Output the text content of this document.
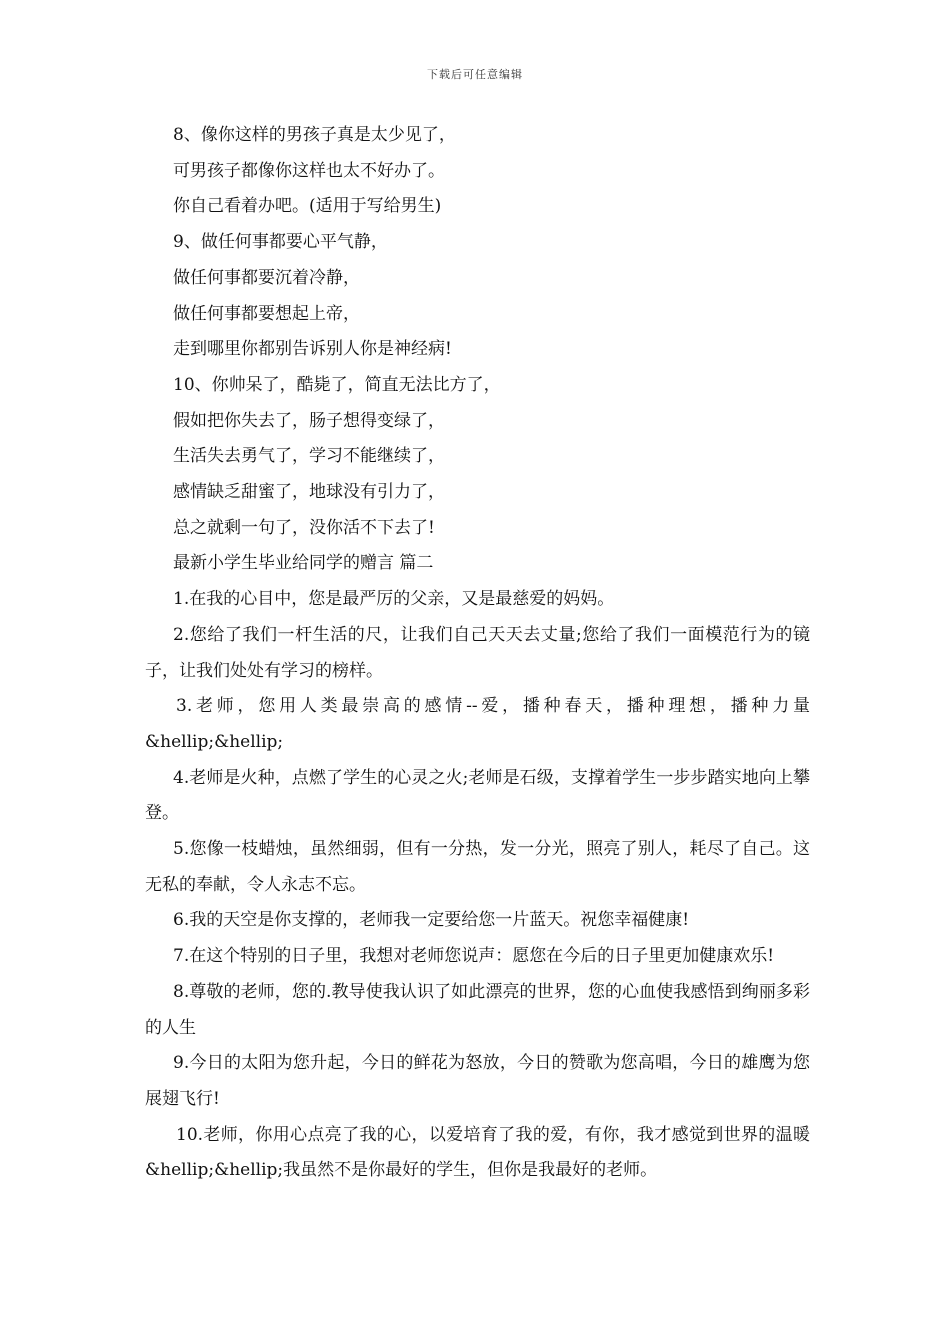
下载后可任意编辑
8、像你这样的男孩子真是太少见了，
可男孩子都像你这样也太不好办了。
你自己看着办吧。(适用于写给男生)
9、做任何事都要心平气静，
做任何事都要沉着冷静，
做任何事都要想起上帝，
走到哪里你都别告诉别人你是神经病!
10、你帅呆了，酷毙了，简直无法比方了，
假如把你失去了，肠子想得变绿了，
生活失去勇气了，学习不能继续了，
感情缺乏甜蜜了，地球没有引力了，
总之就剩一句了，没你活不下去了!
最新小学生毕业给同学的赠言 篇二
1.在我的心目中，您是最严厉的父亲，又是最慈爱的妈妈。
2.您给了我们一杆生活的尺，让我们自己天天去丈量;您给了我们一面模范行为的镜子，让我们处处有学习的榜样。
3.老师，您用人类最崇高的感情--爱，播种春天，播种理想，播种力量&hellip;&hellip;
4.老师是火种，点燃了学生的心灵之火;老师是石级，支撑着学生一步步踏实地向上攀登。
5.您像一枝蜡烛，虽然细弱，但有一分热，发一分光，照亮了别人，耗尽了自己。这无私的奉献，令人永志不忘。
6.我的天空是你支撑的，老师我一定要给您一片蓝天。祝您幸福健康!
7.在这个特别的日子里，我想对老师您说声：愿您在今后的日子里更加健康欢乐!
8.尊敬的老师，您的.教导使我认识了如此漂亮的世界，您的心血使我感悟到绚丽多彩的人生
9.今日的太阳为您升起，今日的鲜花为怒放，今日的赞歌为您高唱，今日的雄鹰为您展翅飞行!
10.老师，你用心点亮了我的心，以爱培育了我的爱，有你，我才感觉到世界的温暖&hellip;&hellip;我虽然不是你最好的学生，但你是我最好的老师。
